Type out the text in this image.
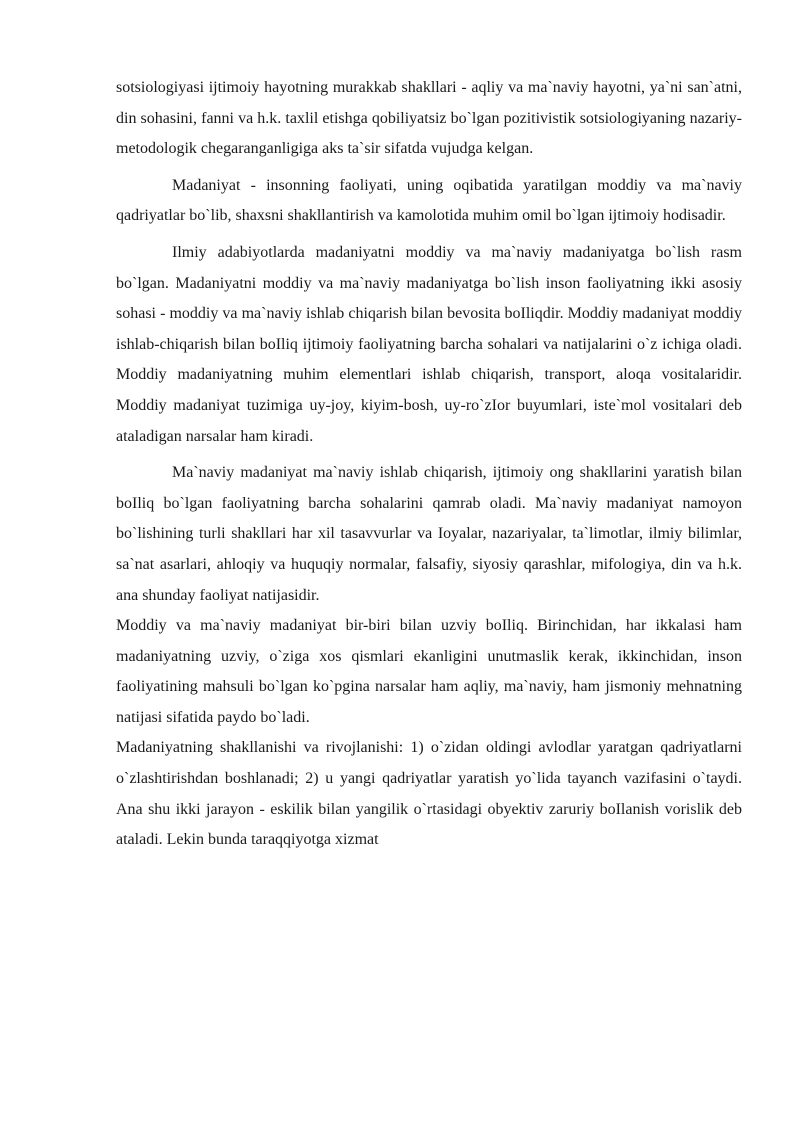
sotsiologiyasi ijtimoiy hayotning murakkab shakllari - aqliy va ma`naviy hayotni, ya`ni san`atni, din sohasini, fanni va h.k. taxlil etishga qobiliyatsiz bo`lgan pozitivistik sotsiologiyaning nazariy-metodologik chegaranganligiga aks ta`sir sifatda vujudga kelgan.

Madaniyat - insonning faoliyati, uning oqibatida yaratilgan moddiy va ma`naviy qadriyatlar bo`lib, shaxsni shakllantirish va kamolotida muhim omil bo`lgan ijtimoiy hodisadir.

Ilmiy adabiyotlarda madaniyatni moddiy va ma`naviy madaniyatga bo`lish rasm bo`lgan. Madaniyatni moddiy va ma`naviy madaniyatga bo`lish inson faoliyatning ikki asosiy sohasi - moddiy va ma`naviy ishlab chiqarish bilan bevosita boIliqdir. Moddiy madaniyat moddiy ishlab-chiqarish bilan boIliq ijtimoiy faoliyatning barcha sohalari va natijalarini o`z ichiga oladi. Moddiy madaniyatning muhim elementlari ishlab chiqarish, transport, aloqa vositalaridir. Moddiy madaniyat tuzimiga uy-joy, kiyim-bosh, uy-ro`zIor buyumlari, iste`mol vositalari deb ataladigan narsalar ham kiradi.

Ma`naviy madaniyat ma`naviy ishlab chiqarish, ijtimoiy ong shakllarini yaratish bilan boIliq bo`lgan faoliyatning barcha sohalarini qamrab oladi. Ma`naviy madaniyat namoyon bo`lishining turli shakllari har xil tasavvurlar va Ioyalar, nazariyalar, ta`limotlar, ilmiy bilimlar, sa`nat asarlari, ahloqiy va huquqiy normalar, falsafiy, siyosiy qarashlar, mifologiya, din va h.k. ana shunday faoliyat natijasidir.

Moddiy va ma`naviy madaniyat bir-biri bilan uzviy boIliq. Birinchidan, har ikkalasi ham madaniyatning uzviy, o`ziga xos qismlari ekanligini unutmaslik kerak, ikkinchidan, inson faoliyatining mahsuli bo`lgan ko`pgina narsalar ham aqliy, ma`naviy, ham jismoniy mehnatning natijasi sifatida paydo bo`ladi.

Madaniyatning shakllanishi va rivojlanishi: 1) o`zidan oldingi avlodlar yaratgan qadriyatlarni o`zlashtirishdan boshlanadi; 2) u yangi qadriyatlar yaratish yo`lida tayanch vazifasini o`taydi. Ana shu ikki jarayon - eskilik bilan yangilik o`rtasidagi obyektiv zaruriy boIlanish vorislik deb ataladi. Lekin bunda taraqqiyotga xizmat
